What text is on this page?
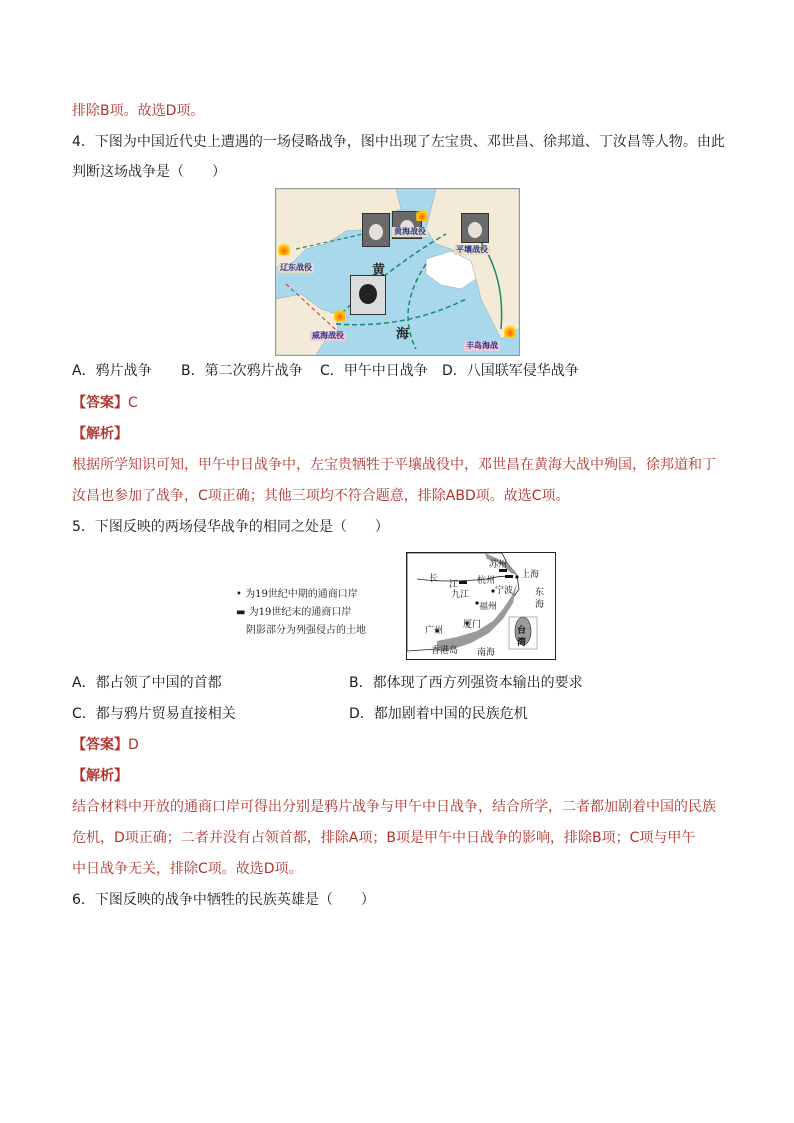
排除B项。故选D项。
4．下图为中国近代史上遭遇的一场侵略战争，图中出现了左宝贵、邓世昌、徐邦道、丁汝昌等人物。由此
判断这场战争是（　　）
黄
海
黄海战役
平壤战役
辽东战役
威海战役
丰岛海战
A．鸦片战争 B．第二次鸦片战争 C．甲午中日战争 D．八国联军侵华战争
【答案】C
【解析】
根据所学知识可知，甲午中日战争中，左宝贵牺牲于平壤战役中，邓世昌在黄海大战中殉国，徐邦道和丁
汝昌也参加了战争，C项正确；其他三项均不符合题意，排除ABD项。故选C项。
5．下图反映的两场侵华战争的相同之处是（　　）
• 为19世纪中期的通商口岸
▬ 为19世纪末的通商口岸
阴影部分为列强侵占的土地
苏州
上海
长
江 杭州
九江	宁波 东
海
福州
广州
厦门
台
湾
香港岛 南海
A．都占领了中国的首都	B．都体现了西方列强资本输出的要求
C．都与鸦片贸易直接相关	D．都加剧着中国的民族危机
【答案】D
【解析】
结合材料中开放的通商口岸可得出分别是鸦片战争与甲午中日战争，结合所学，二者都加剧着中国的民族
危机，D项正确；二者并没有占领首都，排除A项；B项是甲午中日战争的影响，排除B项；C项与甲午
中日战争无关，排除C项。故选D项。
6．下图反映的战争中牺牲的民族英雄是（　　）
